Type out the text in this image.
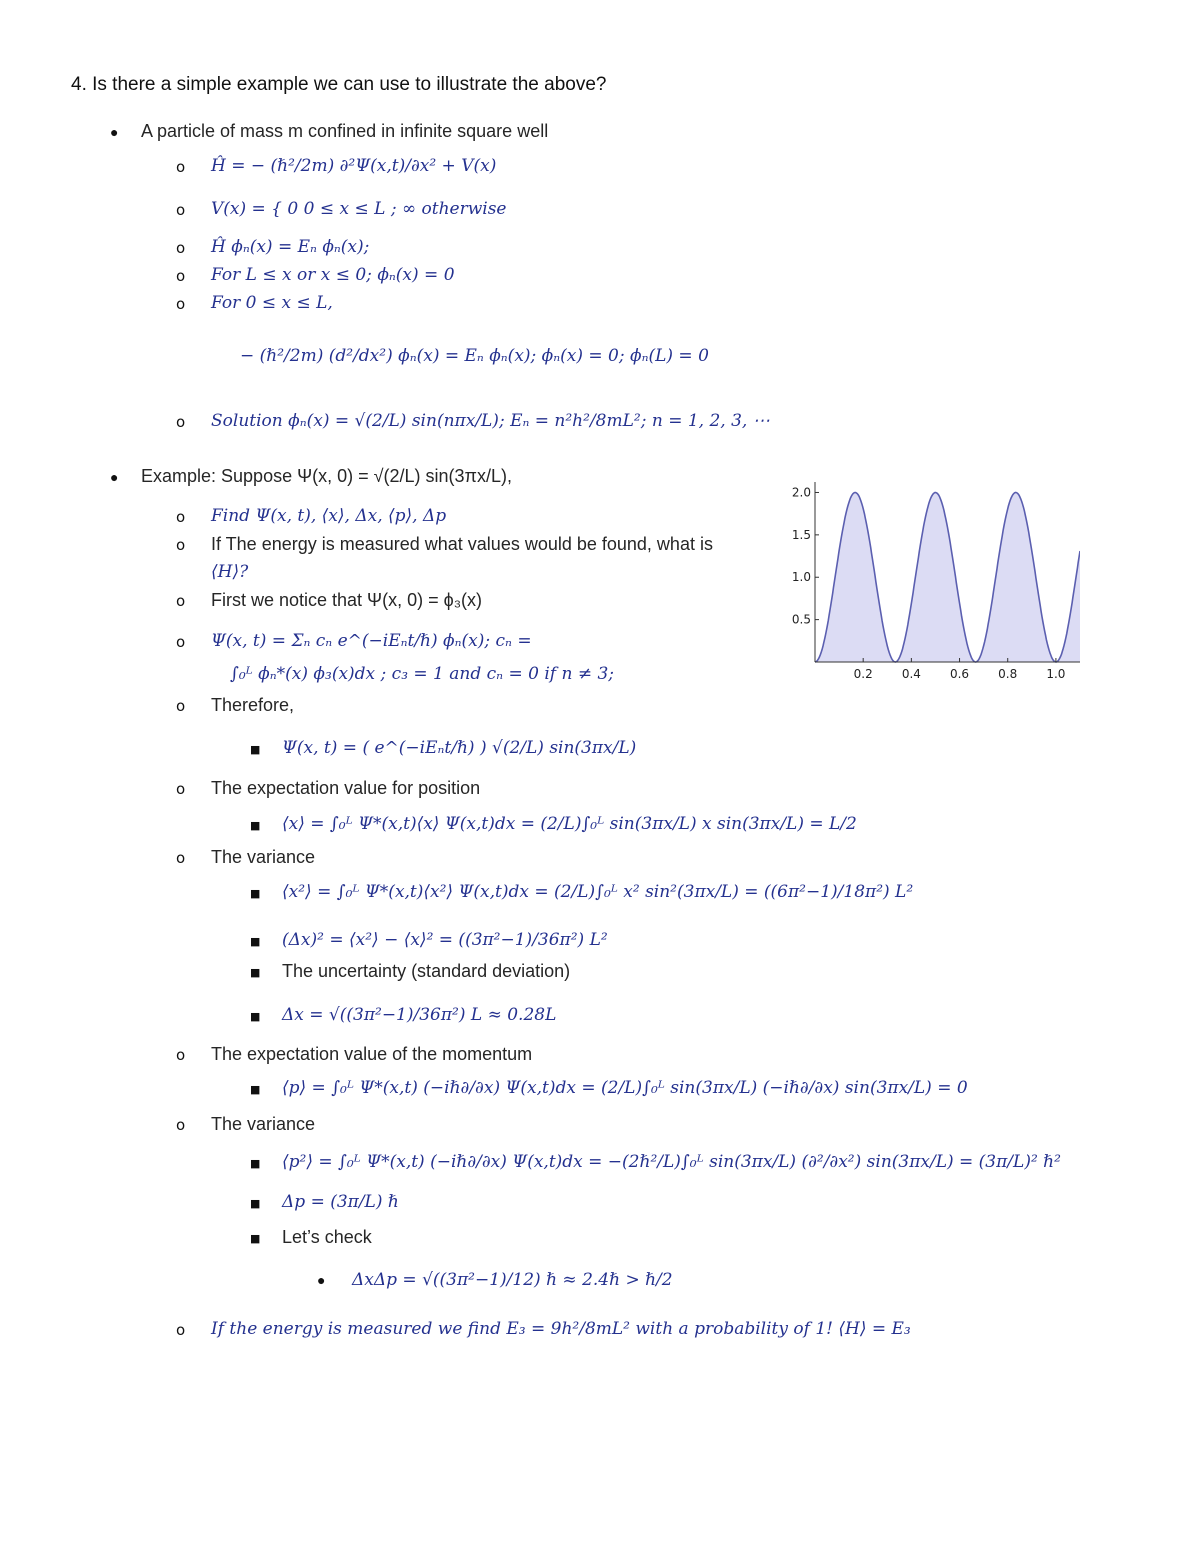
4. Is there a simple example we can use to illustrate the above?
● A particle of mass m confined in infinite square well
o Ĥ = − (ℏ²/2m) ∂²Ψ(x,t)/∂x² + V(x)
o V(x) = { 0 0 ≤ x ≤ L ; ∞ otherwise
o Ĥ ϕₙ(x) = Eₙ ϕₙ(x);
o For L ≤ x or x ≤ 0; ϕₙ(x) = 0
o For 0 ≤ x ≤ L,
− (ℏ²/2m) (d²/dx²) ϕₙ(x) = Eₙ ϕₙ(x); ϕₙ(x) = 0; ϕₙ(L) = 0
o Solution ϕₙ(x) = √(2/L) sin(nπx/L); Eₙ = n²h²/8mL²; n = 1, 2, 3, ⋯
● Example: Suppose Ψ(x, 0) = √(2/L) sin(3πx/L),
o Find Ψ(x, t), ⟨x⟩, Δx, ⟨p⟩, Δp
o If The energy is measured what values would be found, what is
⟨H⟩?
o First we notice that Ψ(x, 0) = ϕ₃(x)
o Ψ(x, t) = Σₙ cₙ e^(−iEₙt/ℏ) ϕₙ(x); cₙ =
∫₀ᴸ ϕₙ*(x) ϕ₃(x)dx ; c₃ = 1 and cₙ = 0 if n ≠ 3;
o Therefore,
■ Ψ(x, t) = ( e^(−iEₙt/ℏ) ) √(2/L) sin(3πx/L)
o The expectation value for position
■ ⟨x⟩ = ∫₀ᴸ Ψ*(x,t)⟨x⟩ Ψ(x,t)dx = (2/L)∫₀ᴸ sin(3πx/L) x sin(3πx/L) = L/2
o The variance
■ ⟨x²⟩ = ∫₀ᴸ Ψ*(x,t)⟨x²⟩ Ψ(x,t)dx = (2/L)∫₀ᴸ x² sin²(3πx/L) = ((6π²−1)/18π²) L²
■ (Δx)² = ⟨x²⟩ − ⟨x⟩² = ((3π²−1)/36π²) L²
■ The uncertainty (standard deviation)
■ Δx = √((3π²−1)/36π²) L ≈ 0.28L
o The expectation value of the momentum
■ ⟨p⟩ = ∫₀ᴸ Ψ*(x,t) (−iℏ∂/∂x) Ψ(x,t)dx = (2/L)∫₀ᴸ sin(3πx/L) (−iℏ∂/∂x) sin(3πx/L) = 0
o The variance
■ ⟨p²⟩ = ∫₀ᴸ Ψ*(x,t) (−iℏ∂/∂x) Ψ(x,t)dx = −(2ℏ²/L)∫₀ᴸ sin(3πx/L) (∂²/∂x²) sin(3πx/L) = (3π/L)² ℏ²
■ Δp = (3π/L) ℏ
■ Let’s check
● ΔxΔp = √((3π²−1)/12) ℏ ≈ 2.4ℏ > ℏ/2
o If the energy is measured we find E₃ = 9h²/8mL² with a probability of 1! ⟨H⟩ = E₃
0.2 0.4 0.6 0.8 1.0
0.5
1.0
1.5
2.0
